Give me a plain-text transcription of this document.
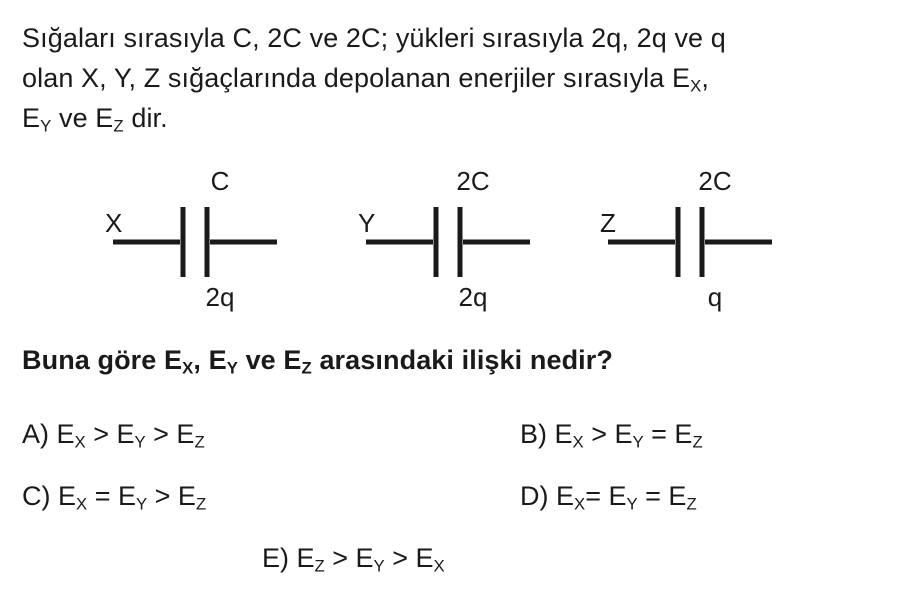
Sığaları sırasıyla C, 2C ve 2C; yükleri sırasıyla 2q, 2q ve q
olan X, Y, Z sığaçlarında depolanan enerjiler sırasıyla $E_X$,
$E_Y$ ve $E_Z$ dir.
C
X
2q
2C
Y
2q
2C
Z
q
Buna göre $E_X$, $E_Y$ ve $E_Z$ arasındaki ilişki nedir?
A) $E_X > E_Y > E_Z$	B) $E_X > E_Y = E_Z$
C) $E_X = E_Y > E_Z$	D) $E_X= E_Y = E_Z$
E) $E_Z > E_Y > E_X$
